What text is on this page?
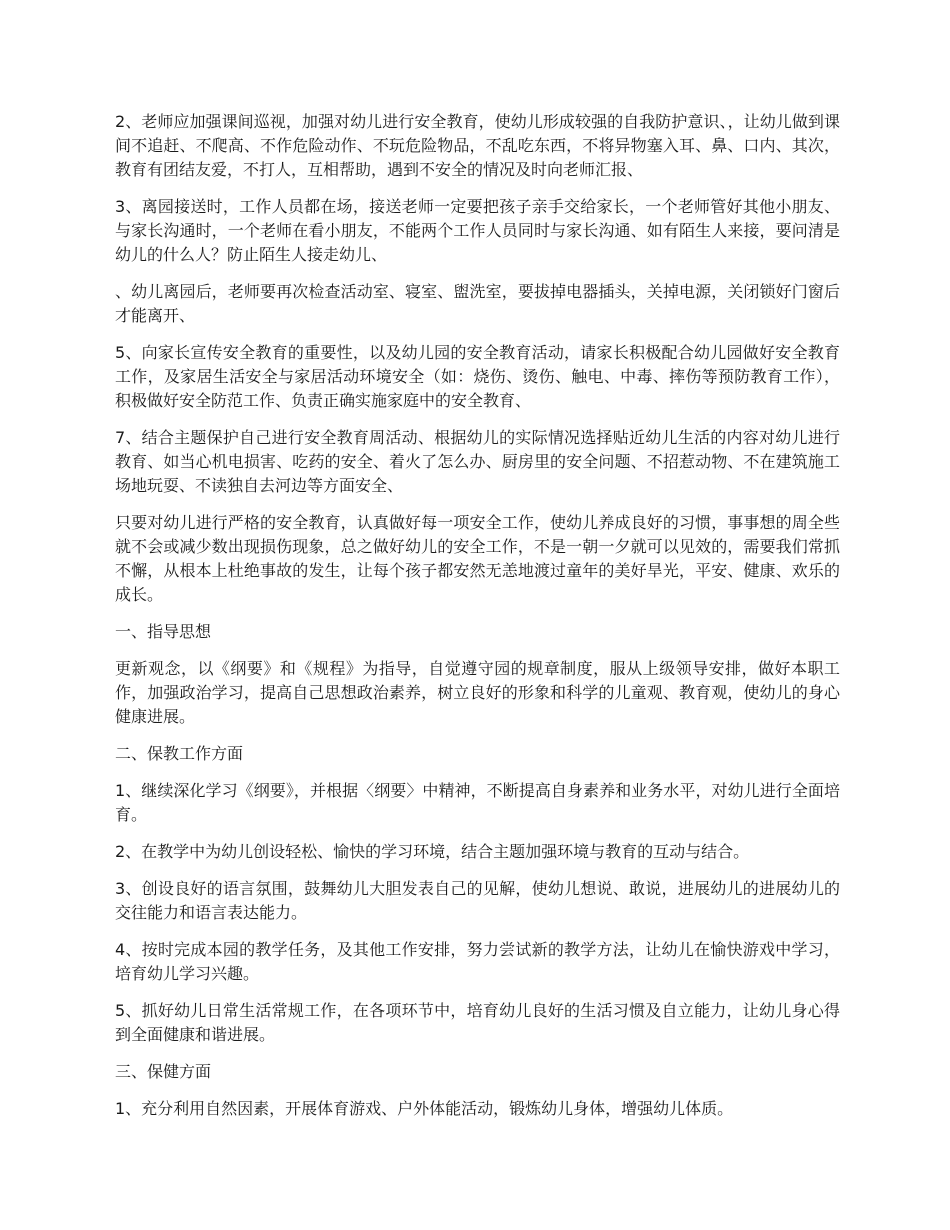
2、老师应加强课间巡视，加强对幼儿进行安全教育，使幼儿形成较强的自我防护意识、，让幼儿做到课间不追赶、不爬高、不作危险动作、不玩危险物品，不乱吃东西，不将异物塞入耳、鼻、口内、其次，教育有团结友爱，不打人，互相帮助，遇到不安全的情况及时向老师汇报、

3、离园接送时，工作人员都在场，接送老师一定要把孩子亲手交给家长，一个老师管好其他小朋友、与家长沟通时，一个老师在看小朋友，不能两个工作人员同时与家长沟通、如有陌生人来接，要问清是幼儿的什么人？防止陌生人接走幼儿、

、幼儿离园后，老师要再次检查活动室、寝室、盥洗室，要拔掉电器插头，关掉电源，关闭锁好门窗后才能离开、

5、向家长宣传安全教育的重要性，以及幼儿园的安全教育活动，请家长积极配合幼儿园做好安全教育工作，及家居生活安全与家居活动环境安全（如：烧伤、烫伤、触电、中毒、摔伤等预防教育工作），积极做好安全防范工作、负责正确实施家庭中的安全教育、

7、结合主题保护自己进行安全教育周活动、根据幼儿的实际情况选择贴近幼儿生活的内容对幼儿进行教育、如当心机电损害、吃药的安全、着火了怎么办、厨房里的安全问题、不招惹动物、不在建筑施工场地玩耍、不读独自去河边等方面安全、

只要对幼儿进行严格的安全教育，认真做好每一项安全工作，使幼儿养成良好的习惯，事事想的周全些就不会或减少数出现损伤现象，总之做好幼儿的安全工作，不是一朝一夕就可以见效的，需要我们常抓不懈，从根本上杜绝事故的发生，让每个孩子都安然无恙地渡过童年的美好旱光，平安、健康、欢乐的成长。

一、指导思想

更新观念，以《纲要》和《规程》为指导，自觉遵守园的规章制度，服从上级领导安排，做好本职工作，加强政治学习，提高自己思想政治素养，树立良好的形象和科学的儿童观、教育观，使幼儿的身心健康进展。

二、保教工作方面

1、继续深化学习《纲要》，并根据〈纲要〉中精神，不断提高自身素养和业务水平，对幼儿进行全面培育。

2、在教学中为幼儿创设轻松、愉快的学习环境，结合主题加强环境与教育的互动与结合。

3、创设良好的语言氛围，鼓舞幼儿大胆发表自己的见解，使幼儿想说、敢说，进展幼儿的进展幼儿的交往能力和语言表达能力。

4、按时完成本园的教学任务，及其他工作安排，努力尝试新的教学方法，让幼儿在愉快游戏中学习，培育幼儿学习兴趣。

5、抓好幼儿日常生活常规工作，在各项环节中，培育幼儿良好的生活习惯及自立能力，让幼儿身心得到全面健康和谐进展。

三、保健方面

1、充分利用自然因素，开展体育游戏、户外体能活动，锻炼幼儿身体，增强幼儿体质。
